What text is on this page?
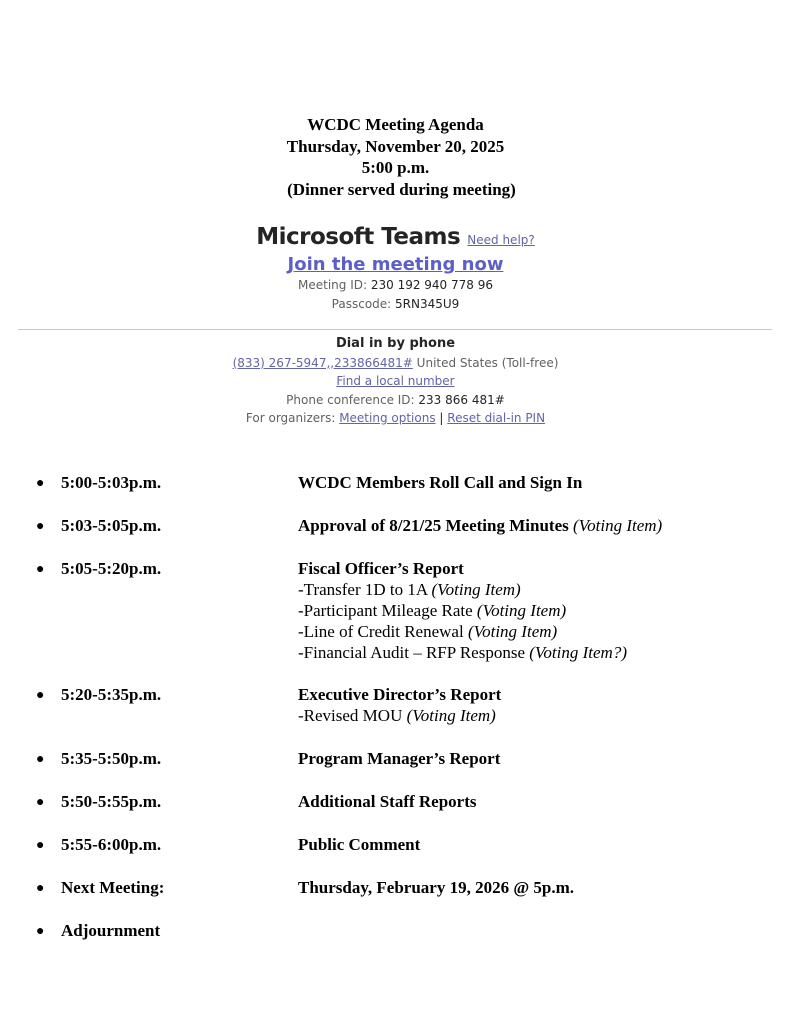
WCDC Meeting Agenda
Thursday, November 20, 2025
5:00 p.m.
(Dinner served during meeting)
Microsoft Teams Need help?
Join the meeting now
Meeting ID: 230 192 940 778 96
Passcode: 5RN345U9
Dial in by phone
(833) 267-5947,,233866481# United States (Toll-free)
Find a local number
Phone conference ID: 233 866 481#
For organizers: Meeting options | Reset dial-in PIN
● 5:00-5:03p.m.	WCDC Members Roll Call and Sign In
● 5:03-5:05p.m.	Approval of 8/21/25 Meeting Minutes (Voting Item)
● 5:05-5:20p.m.	Fiscal Officer’s Report
-Transfer 1D to 1A (Voting Item)
-Participant Mileage Rate (Voting Item)
-Line of Credit Renewal (Voting Item)
-Financial Audit – RFP Response (Voting Item?)
● 5:20-5:35p.m.	Executive Director’s Report
-Revised MOU (Voting Item)
● 5:35-5:50p.m.	Program Manager’s Report
● 5:50-5:55p.m.	Additional Staff Reports
● 5:55-6:00p.m.	Public Comment
● Next Meeting:	Thursday, February 19, 2026 @ 5p.m.
● Adjournment
